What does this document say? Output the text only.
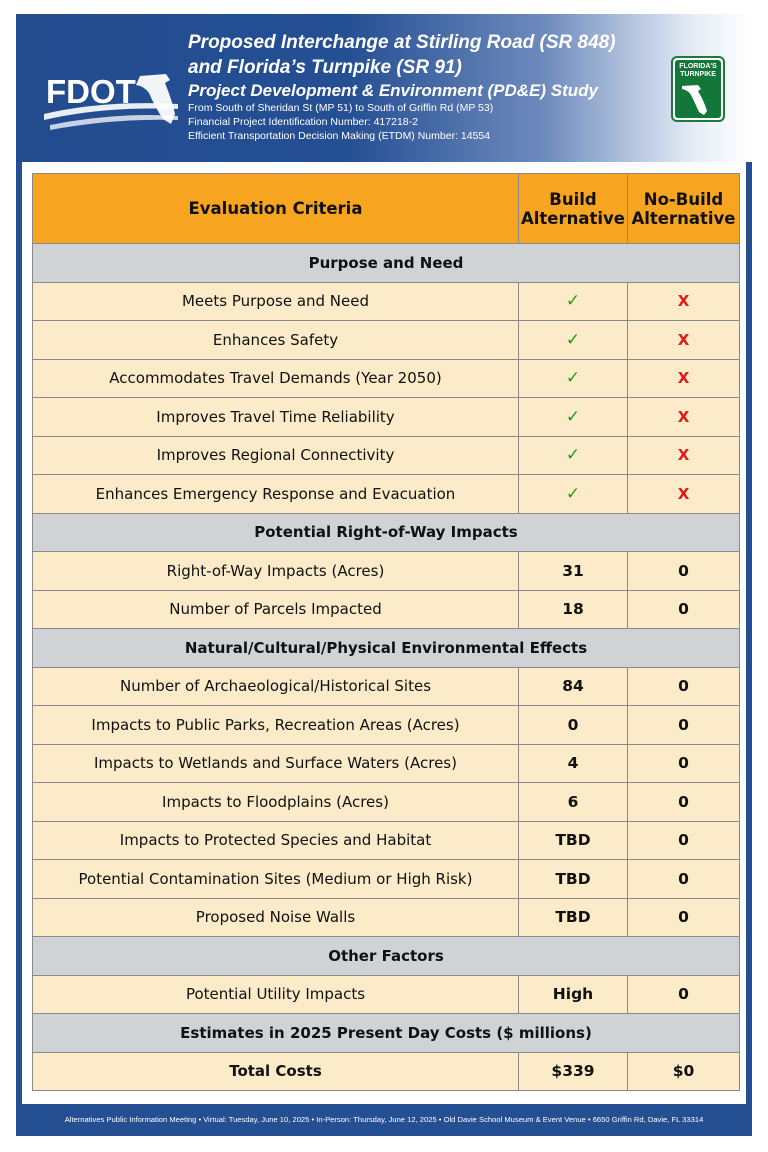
FDOT
Proposed Interchange at Stirling Road (SR 848)
and Florida’s Turnpike (SR 91)
Project Development & Environment (PD&E) Study
From South of Sheridan St (MP 51) to South of Griffin Rd (MP 53)
Financial Project Identification Number: 417218-2
Efficient Transportation Decision Making (ETDM) Number: 14554
FLORIDA'S
TURNPIKE
Evaluation Criteria	Build Alternative	No-Build Alternative
Purpose and Need		
Meets Purpose and Need	✓	X
Enhances Safety	✓	X
Accommodates Travel Demands (Year 2050)	✓	X
Improves Travel Time Reliability	✓	X
Improves Regional Connectivity	✓	X
Enhances Emergency Response and Evacuation	✓	X
Potential Right-of-Way Impacts		
Right-of-Way Impacts (Acres)	31	0
Number of Parcels Impacted	18	0
Natural/Cultural/Physical Environmental Effects		
Number of Archaeological/Historical Sites	84	0
Impacts to Public Parks, Recreation Areas (Acres)	0	0
Impacts to Wetlands and Surface Waters (Acres)	4	0
Impacts to Floodplains (Acres)	6	0
Impacts to Protected Species and Habitat	TBD	0
Potential Contamination Sites (Medium or High Risk)	TBD	0
Proposed Noise Walls	TBD	0
Other Factors		
Potential Utility Impacts	High	0
Estimates in 2025 Present Day Costs ($ millions)		
Total Costs	$339	$0
Alternatives Public Information Meeting • Virtual: Tuesday, June 10, 2025 • In-Person: Thursday, June 12, 2025 • Old Davie School Museum & Event Venue • 6650 Griffin Rd, Davie, FL 33314
